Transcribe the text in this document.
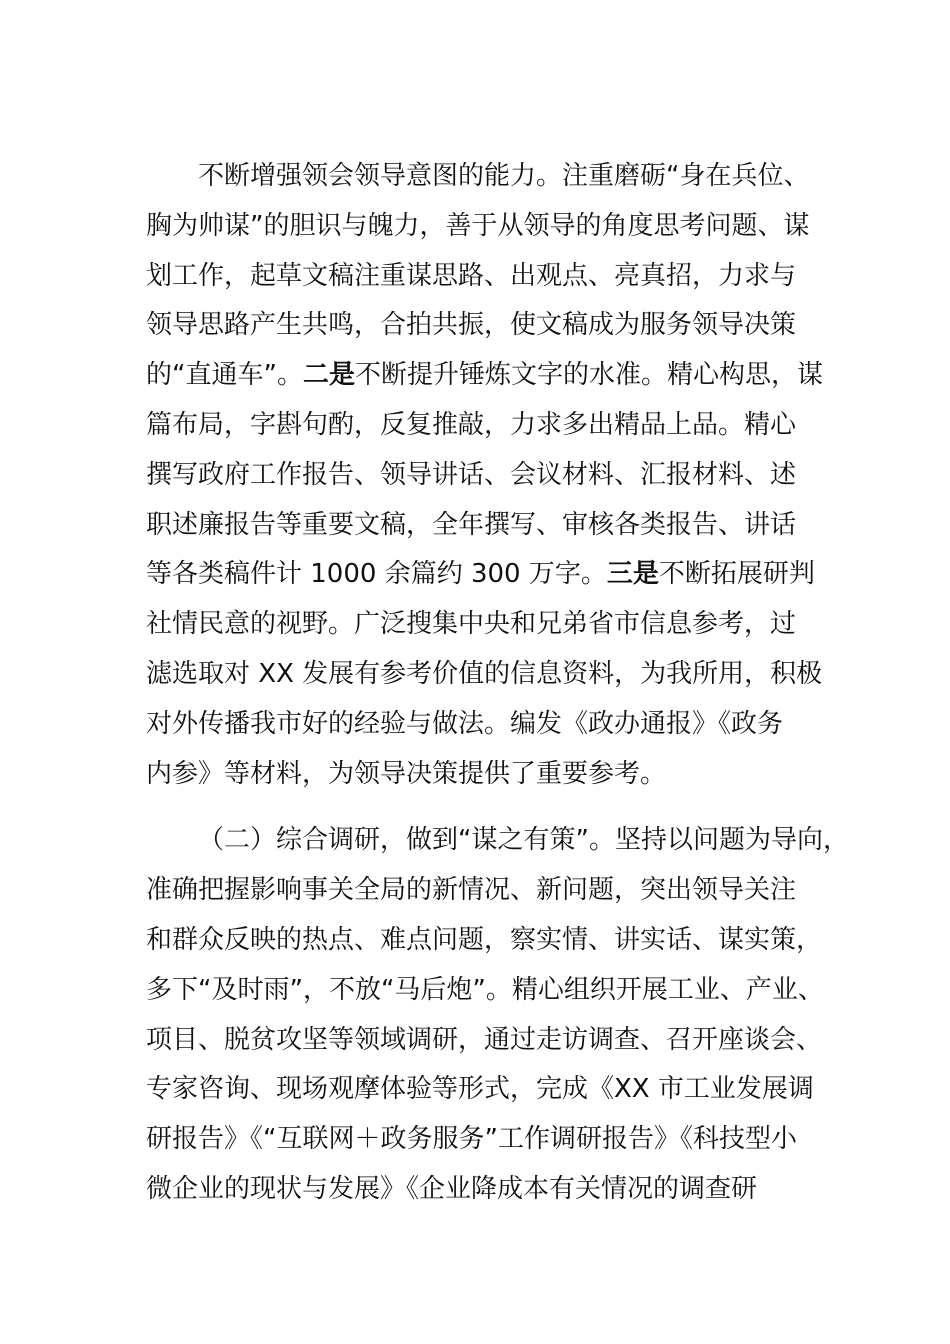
不断增强领会领导意图的能力。注重磨砺“身在兵位、
胸为帅谋”的胆识与魄力，善于从领导的角度思考问题、谋
划工作，起草文稿注重谋思路、出观点、亮真招，力求与
领导思路产生共鸣，合拍共振，使文稿成为服务领导决策
的“直通车”。二是不断提升锤炼文字的水准。精心构思，谋
篇布局，字斟句酌，反复推敲，力求多出精品上品。精心
撰写政府工作报告、领导讲话、会议材料、汇报材料、述
职述廉报告等重要文稿，全年撰写、审核各类报告、讲话
等各类稿件计 1000 余篇约 300 万字。三是不断拓展研判
社情民意的视野。广泛搜集中央和兄弟省市信息参考，过
滤选取对 XX 发展有参考价值的信息资料，为我所用，积极
对外传播我市好的经验与做法。编发《政办通报》《政务
内参》等材料，为领导决策提供了重要参考。

（二）综合调研，做到“谋之有策”。坚持以问题为导向，
准确把握影响事关全局的新情况、新问题，突出领导关注
和群众反映的热点、难点问题，察实情、讲实话、谋实策，
多下“及时雨”，不放“马后炮”。精心组织开展工业、产业、
项目、脱贫攻坚等领域调研，通过走访调查、召开座谈会、
专家咨询、现场观摩体验等形式，完成《XX 市工业发展调
研报告》《“互联网＋政务服务”工作调研报告》《科技型小
微企业的现状与发展》《企业降成本有关情况的调查研
